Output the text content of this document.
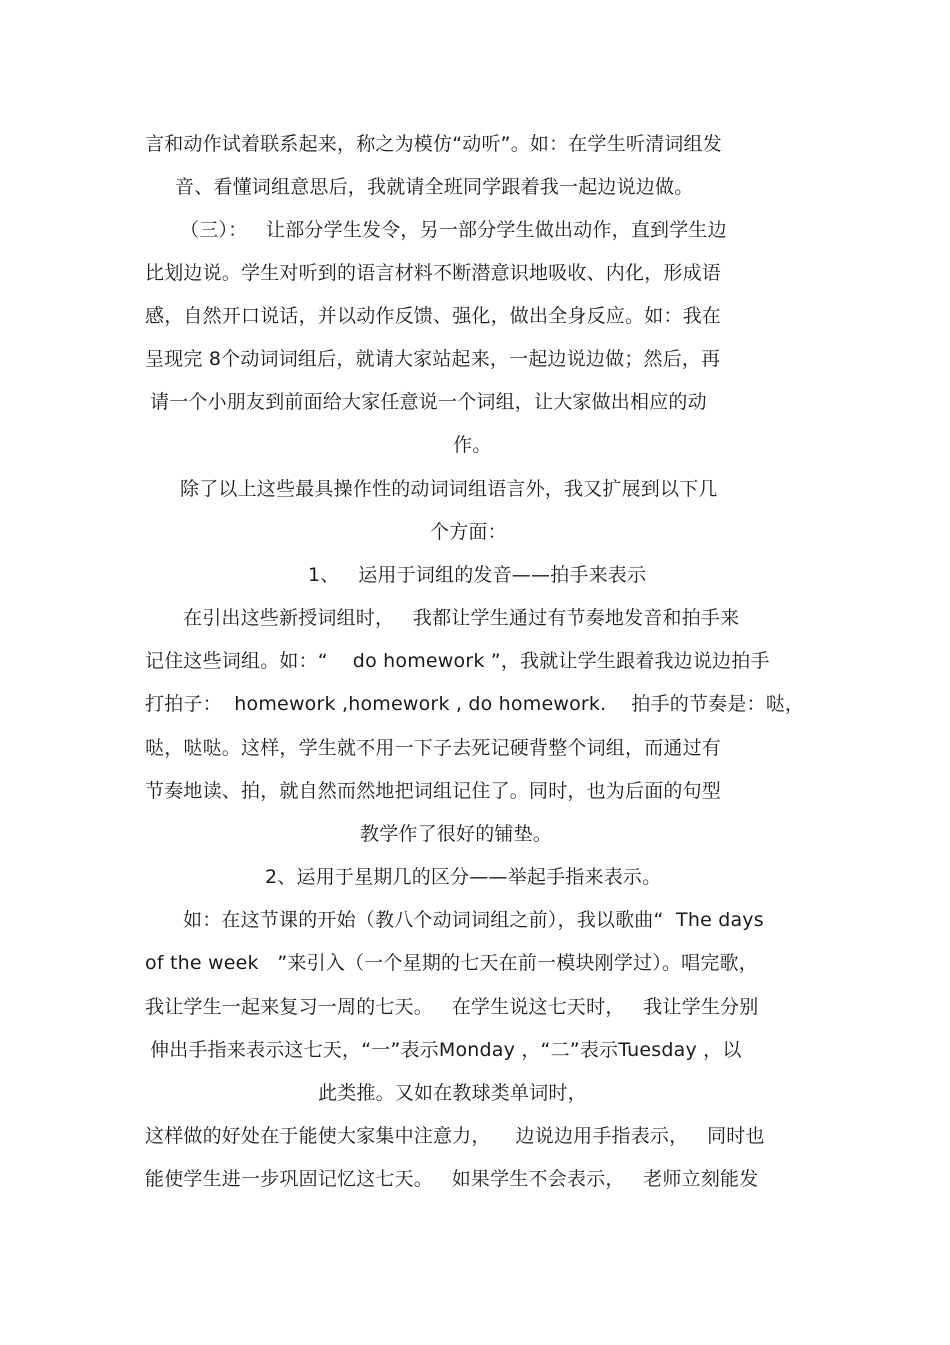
言和动作试着联系起来，称之为模仿“动听”。如：在学生听清词组发
音、看懂词组意思后，我就请全班同学跟着我一起边说边做。
（三）：   让部分学生发令，另一部分学生做出动作，直到学生边
比划边说。学生对听到的语言材料不断潜意识地吸收、内化，形成语
感，自然开口说话，并以动作反馈、强化，做出全身反应。如：我在
呈现完 8个动词词组后，就请大家站起来，一起边说边做；然后，再
请一个小朋友到前面给大家任意说一个词组，让大家做出相应的动
作。
除了以上这些最具操作性的动词词组语言外，我又扩展到以下几
个方面：
1、   运用于词组的发音——拍手来表示
在引出这些新授词组时，   我都让学生通过有节奏地发音和拍手来
记住这些词组。如：“    do homework ”，我就让学生跟着我边说边拍手
打拍子：  homework ,homework , do homework.    拍手的节奏是：哒，
哒，哒哒。这样，学生就不用一下子去死记硬背整个词组，而通过有
节奏地读、拍，就自然而然地把词组记住了。同时，也为后面的句型
教学作了很好的铺垫。
2、运用于星期几的区分——举起手指来表示。
如：在这节课的开始（教八个动词词组之前），我以歌曲“  The days
of the week   ”来引入（一个星期的七天在前一模块刚学过）。唱完歌，
我让学生一起来复习一周的七天。   在学生说这七天时，   我让学生分别
伸出手指来表示这七天，“一”表示Monday ，“二”表示Tuesday ，以
此类推。又如在教球类单词时，
这样做的好处在于能使大家集中注意力，    边说边用手指表示，   同时也
能使学生进一步巩固记忆这七天。   如果学生不会表示，   老师立刻能发
